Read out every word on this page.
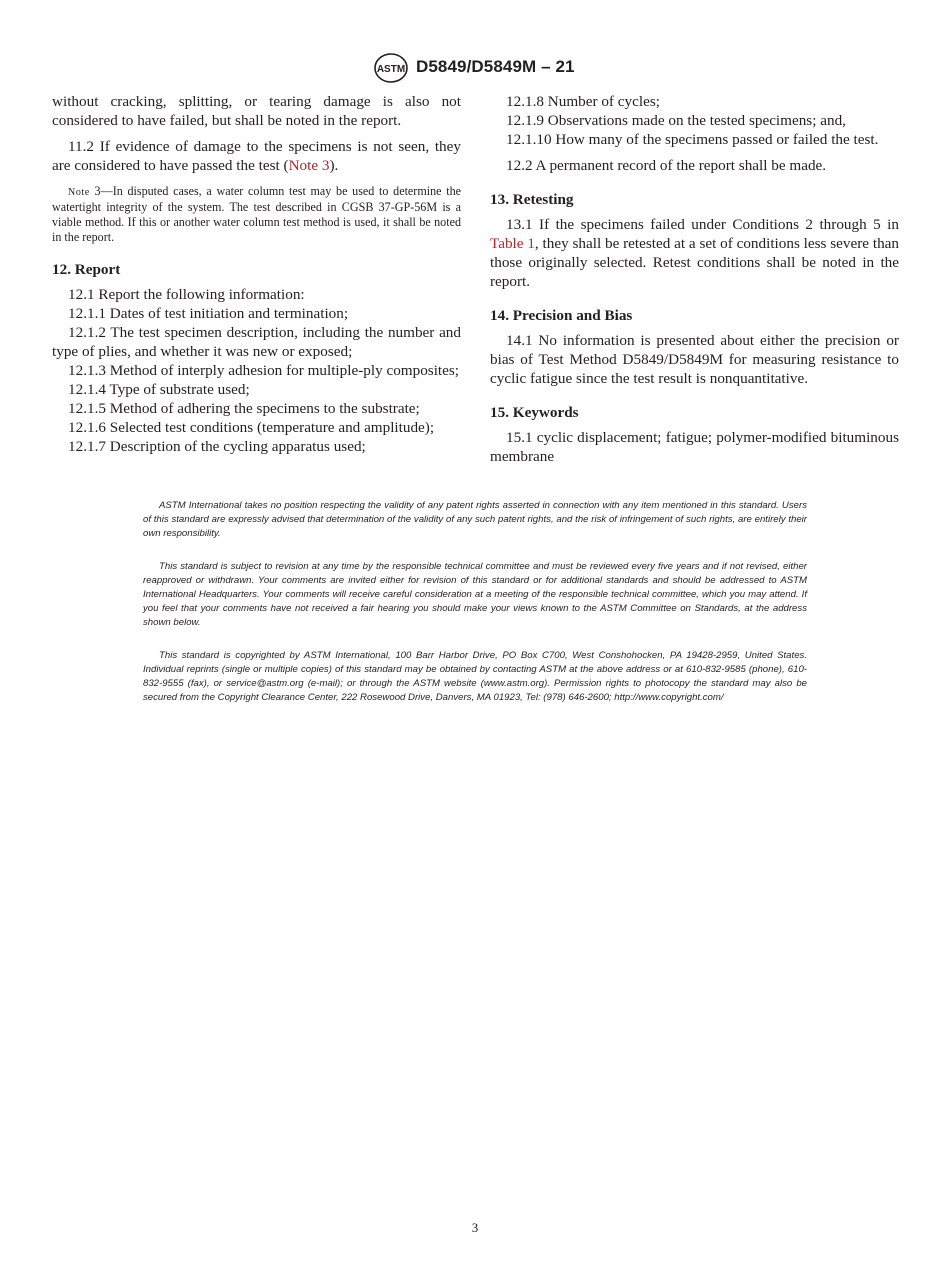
ASTM D5849/D5849M – 21

without cracking, splitting, or tearing damage is also not considered to have failed, but shall be noted in the report.

11.2 If evidence of damage to the specimens is not seen, they are considered to have passed the test (Note 3).

Note 3—In disputed cases, a water column test may be used to determine the watertight integrity of the system. The test described in CGSB 37-GP-56M is a viable method. If this or another water column test method is used, it shall be noted in the report.

12. Report

12.1 Report the following information:

12.1.1 Dates of test initiation and termination;

12.1.2 The test specimen description, including the number and type of plies, and whether it was new or exposed;

12.1.3 Method of interply adhesion for multiple-ply composites;

12.1.4 Type of substrate used;

12.1.5 Method of adhering the specimens to the substrate;

12.1.6 Selected test conditions (temperature and amplitude);

12.1.7 Description of the cycling apparatus used;

12.1.8 Number of cycles;

12.1.9 Observations made on the tested specimens; and,

12.1.10 How many of the specimens passed or failed the test.

12.2 A permanent record of the report shall be made.

13. Retesting

13.1 If the specimens failed under Conditions 2 through 5 in Table 1, they shall be retested at a set of conditions less severe than those originally selected. Retest conditions shall be noted in the report.

14. Precision and Bias

14.1 No information is presented about either the precision or bias of Test Method D5849/D5849M for measuring resistance to cyclic fatigue since the test result is nonquantitative.

15. Keywords

15.1 cyclic displacement; fatigue; polymer-modified bituminous membrane

ASTM International takes no position respecting the validity of any patent rights asserted in connection with any item mentioned in this standard. Users of this standard are expressly advised that determination of the validity of any such patent rights, and the risk of infringement of such rights, are entirely their own responsibility.

This standard is subject to revision at any time by the responsible technical committee and must be reviewed every five years and if not revised, either reapproved or withdrawn. Your comments are invited either for revision of this standard or for additional standards and should be addressed to ASTM International Headquarters. Your comments will receive careful consideration at a meeting of the responsible technical committee, which you may attend. If you feel that your comments have not received a fair hearing you should make your views known to the ASTM Committee on Standards, at the address shown below.

This standard is copyrighted by ASTM International, 100 Barr Harbor Drive, PO Box C700, West Conshohocken, PA 19428-2959, United States. Individual reprints (single or multiple copies) of this standard may be obtained by contacting ASTM at the above address or at 610-832-9585 (phone), 610-832-9555 (fax), or service@astm.org (e-mail); or through the ASTM website (www.astm.org). Permission rights to photocopy the standard may also be secured from the Copyright Clearance Center, 222 Rosewood Drive, Danvers, MA 01923, Tel: (978) 646-2600; http://www.copyright.com/

3
